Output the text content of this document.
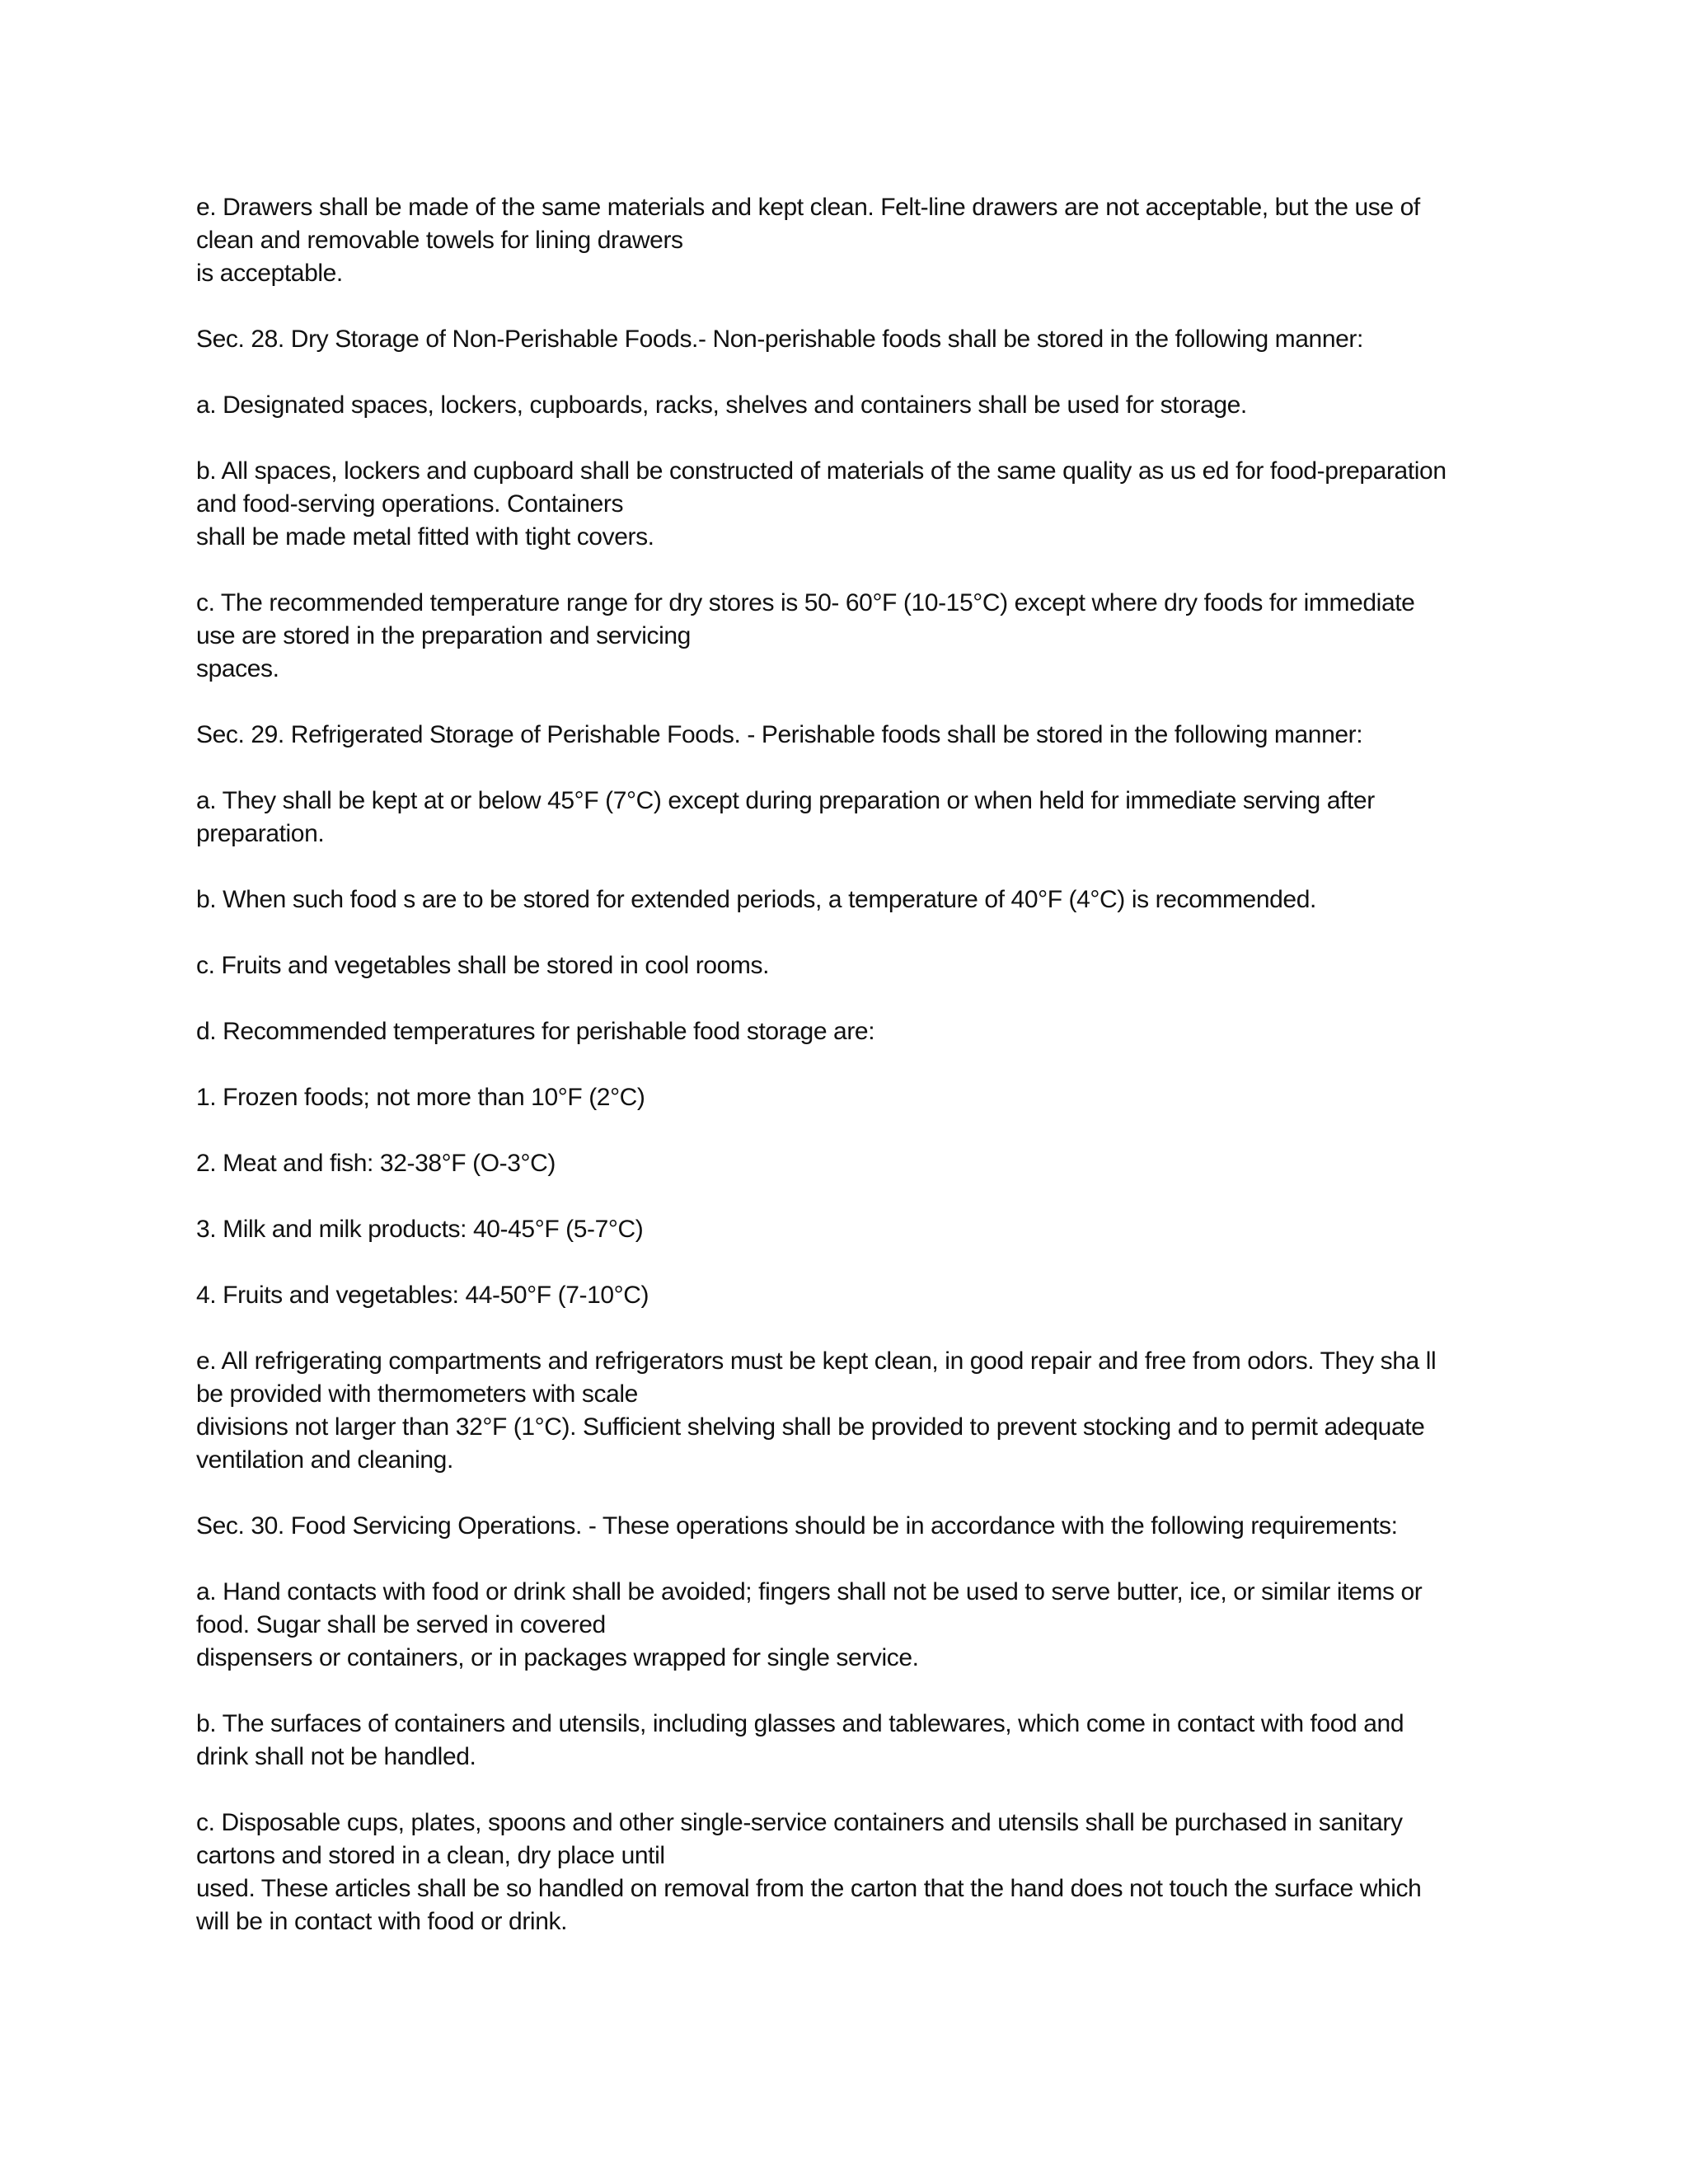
e. Drawers shall be made of the same materials and kept clean. Felt-line drawers are not acceptable, but the use of
clean and removable towels for lining drawers
is acceptable.

Sec. 28. Dry Storage of Non-Perishable Foods.- Non-perishable foods shall be stored in the following manner:

a. Designated spaces, lockers, cupboards, racks, shelves and containers shall be used for storage.

b. All spaces, lockers and cupboard shall be constructed of materials of the same quality as us ed for food-preparation
and food-serving operations. Containers
shall be made metal fitted with tight covers.

c. The recommended temperature range for dry stores is 50- 60°F (10-15°C) except where dry foods for immediate
use are stored in the preparation and servicing
spaces.

Sec. 29. Refrigerated Storage of Perishable Foods. - Perishable foods shall be stored in the following manner:

a. They shall be kept at or below 45°F (7°C) except during preparation or when held for immediate serving after
preparation.

b. When such food s are to be stored for extended periods, a temperature of 40°F (4°C) is recommended.

c. Fruits and vegetables shall be stored in cool rooms.

d. Recommended temperatures for perishable food storage are:

1. Frozen foods; not more than 10°F (2°C)

2. Meat and fish: 32-38°F (O-3°C)

3. Milk and milk products: 40-45°F (5-7°C)

4. Fruits and vegetables: 44-50°F (7-10°C)

e. All refrigerating compartments and refrigerators must be kept clean, in good repair and free from odors. They sha ll
be provided with thermometers with scale
divisions not larger than 32°F (1°C). Sufficient shelving shall be provided to prevent stocking and to permit adequate
ventilation and cleaning.

Sec. 30. Food Servicing Operations. - These operations should be in accordance with the following requirements:

a. Hand contacts with food or drink shall be avoided; fingers shall not be used to serve butter, ice, or similar items or
food. Sugar shall be served in covered
dispensers or containers, or in packages wrapped for single service.

b. The surfaces of containers and utensils, including glasses and tablewares, which come in contact with food and
drink shall not be handled.

c. Disposable cups, plates, spoons and other single-service containers and utensils shall be purchased in sanitary
cartons and stored in a clean, dry place until
used. These articles shall be so handled on removal from the carton that the hand does not touch the surface which
will be in contact with food or drink.
